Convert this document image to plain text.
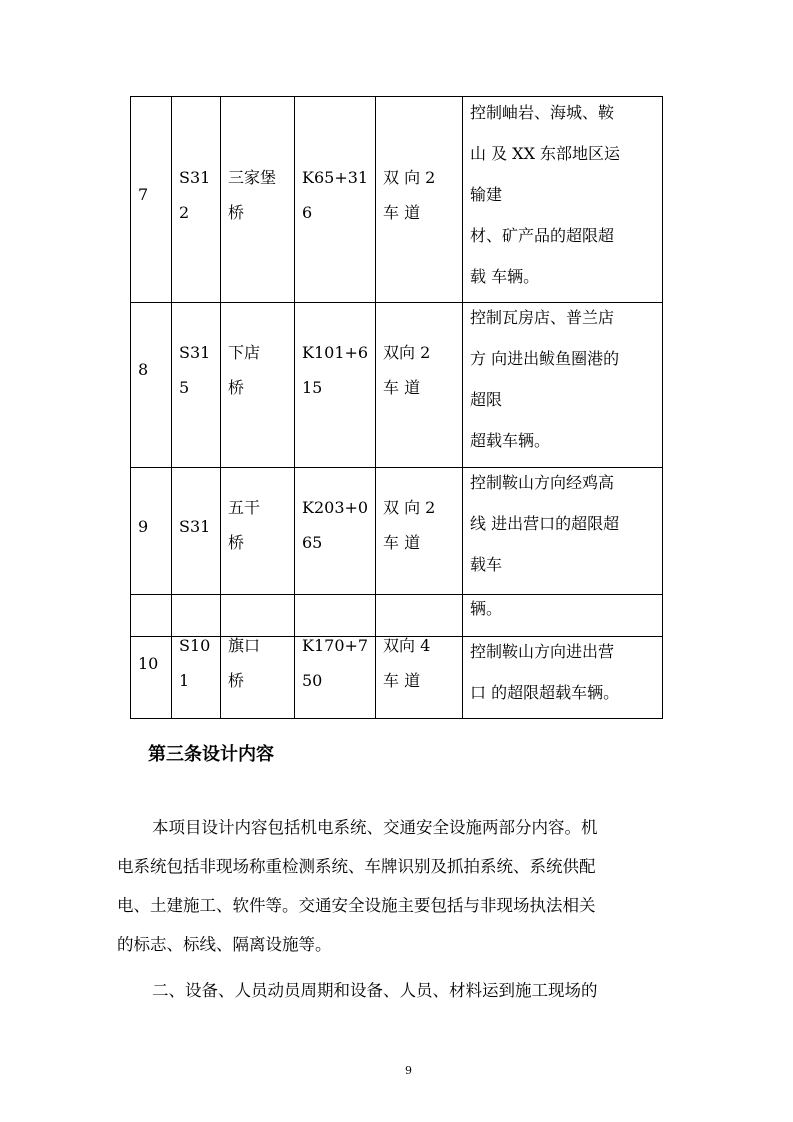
7
S31
2
三家堡
桥
K65+31
6
双 向 2
车 道
控制岫岩、海城、鞍
山 及 XX 东部地区运
输建
材、矿产品的超限超
载 车辆。
8
S31
5
下店
桥
K101+6
15
双向 2
车 道
控制瓦房店、普兰店
方 向进出鲅鱼圈港的
超限
超载车辆。
9 S31
五干
桥
K203+0
65
双 向 2
车 道
控制鞍山方向经鸡高
线 进出营口的超限超
载车
辆。
10
S10
1
旗口
桥
K170+7
50
双向 4
车 道
控制鞍山方向进出营
口 的超限超载车辆。
第三条设计内容
本项目设计内容包括机电系统、交通安全设施两部分内容。机
电系统包括非现场称重检测系统、车牌识别及抓拍系统、系统供配
电、土建施工、软件等。交通安全设施主要包括与非现场执法相关
的标志、标线、隔离设施等。
二、设备、人员动员周期和设备、人员、材料运到施工现场的
9
